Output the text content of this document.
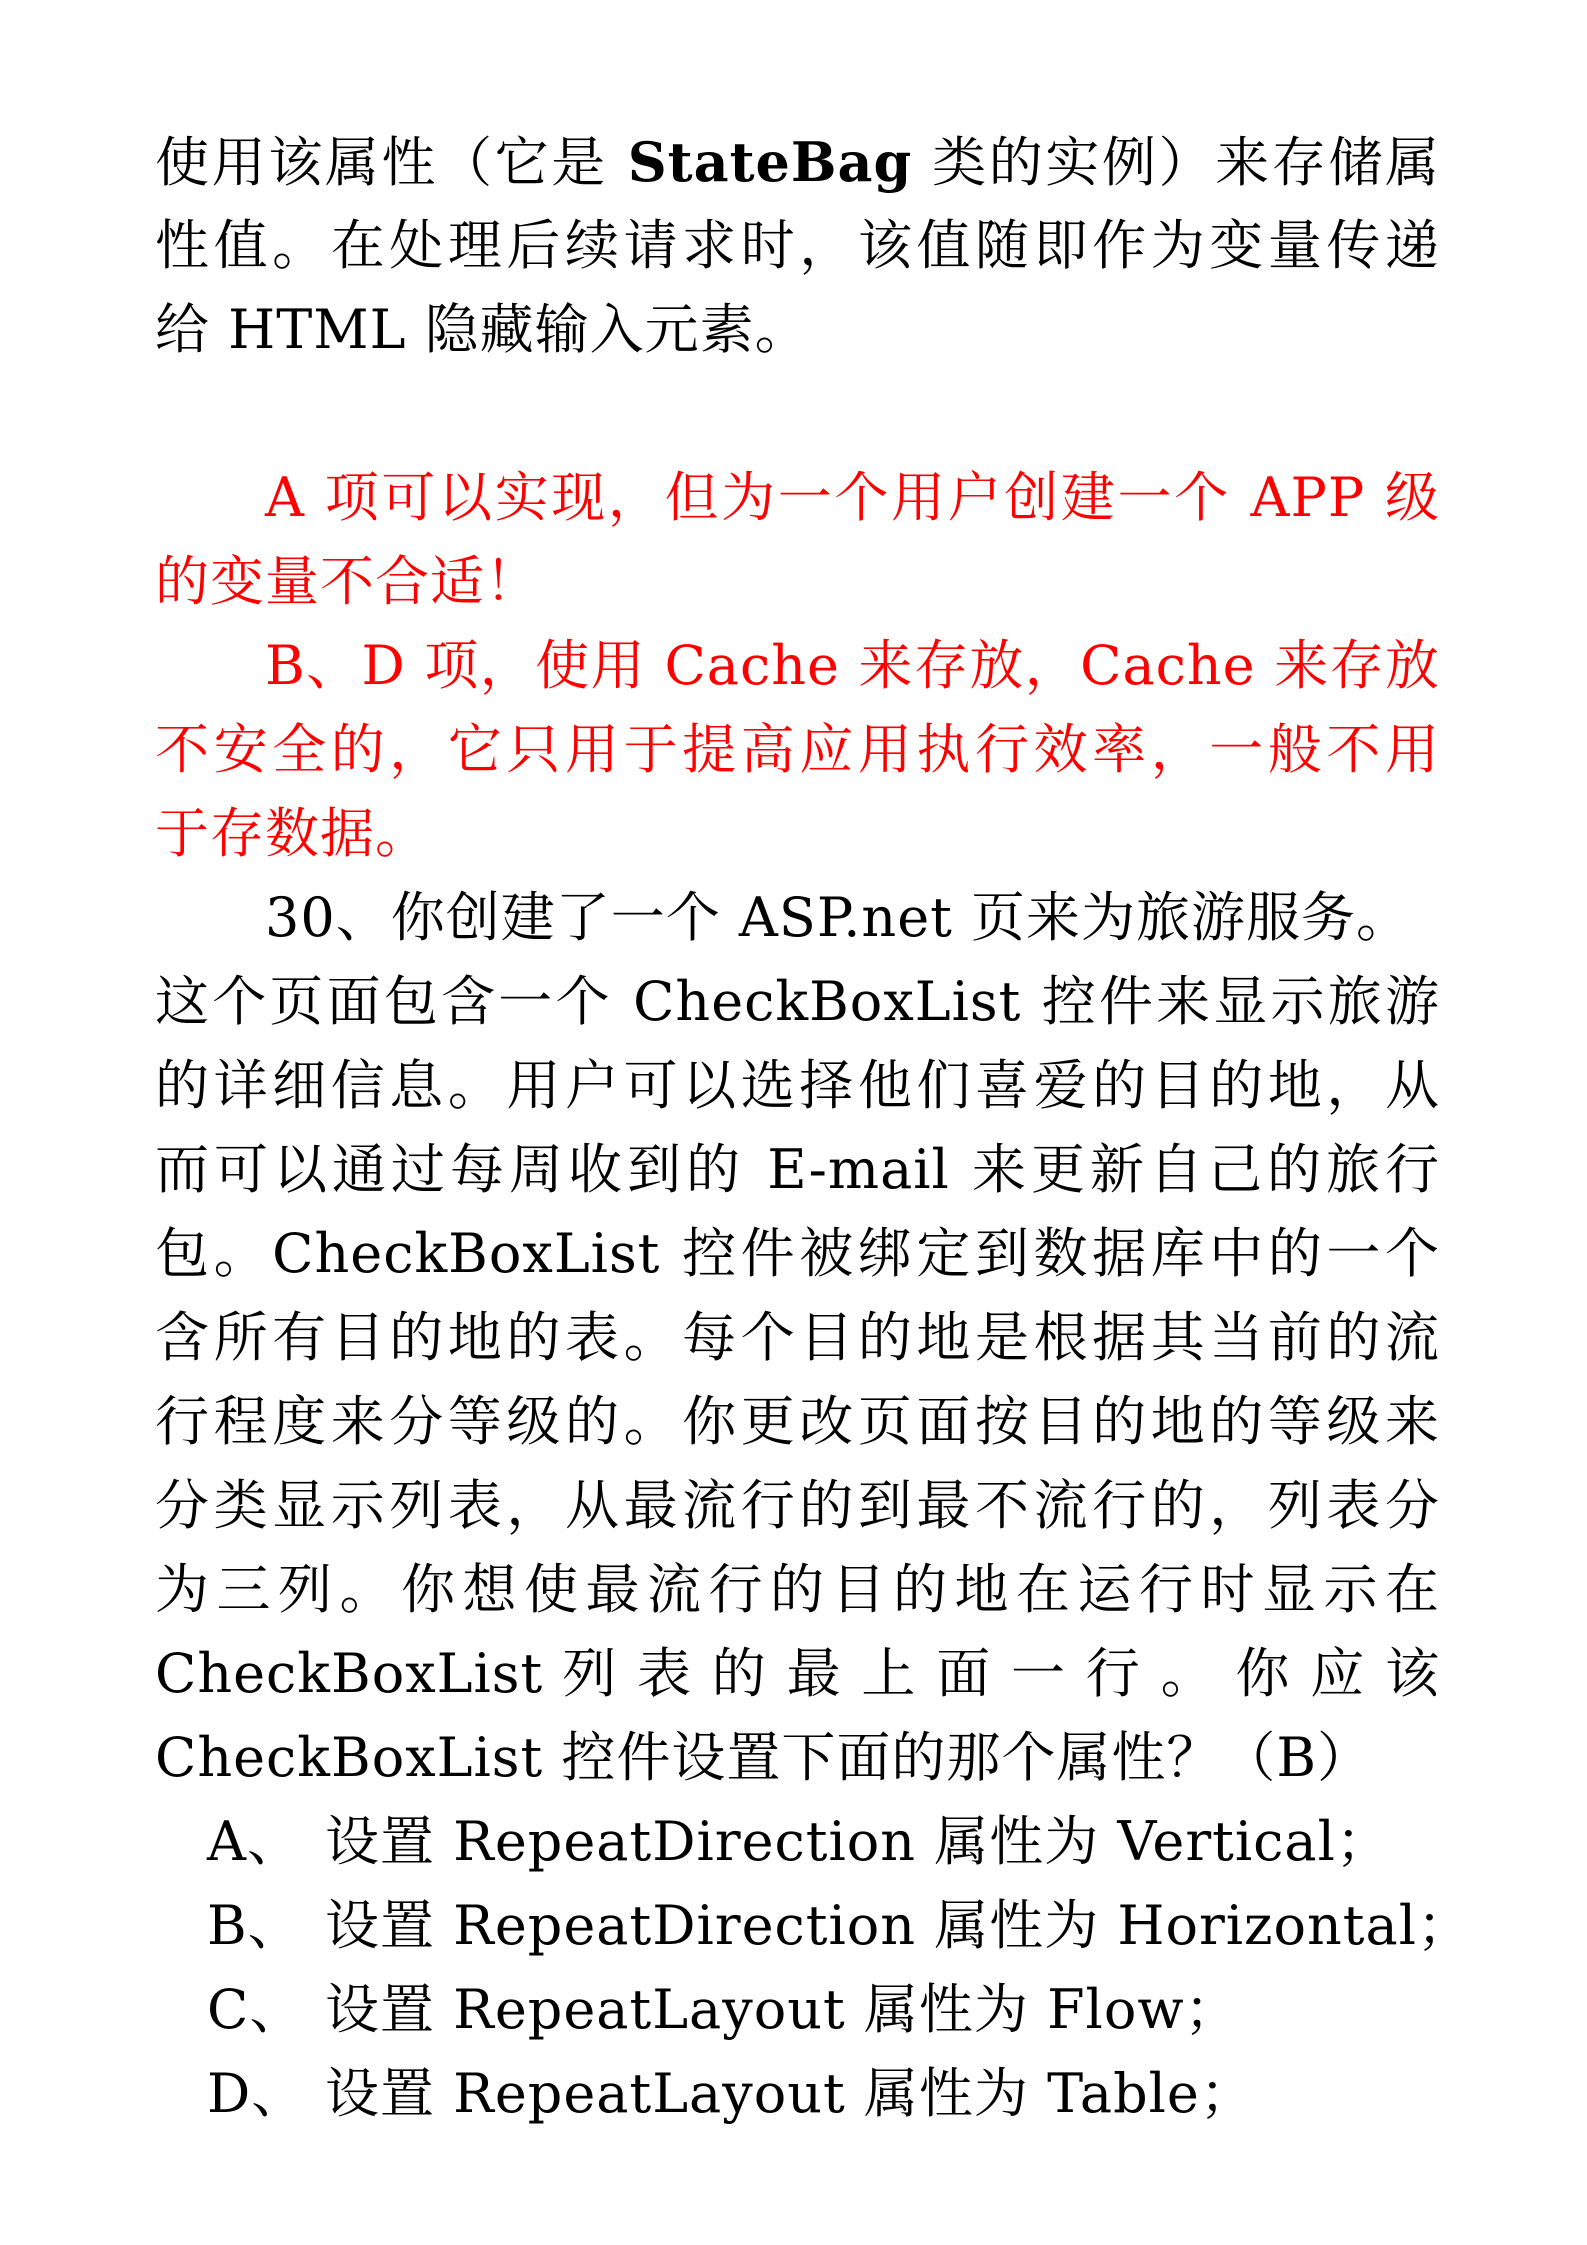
使用该属性（它是 StateBag 类的实例）来存储属
性值。在处理后续请求时，该值随即作为变量传递
给 HTML 隐藏输入元素。
A 项可以实现，但为一个用户创建一个 APP 级
的变量不合适！
B、D 项，使用 Cache 来存放，Cache 来存放
不安全的，它只用于提高应用执行效率，一般不用
于存数据。
30、你创建了一个 ASP.net 页来为旅游服务。
这个页面包含一个 CheckBoxList 控件来显示旅游
的详细信息。用户可以选择他们喜爱的目的地，从
而可以通过每周收到的 E-mail 来更新自己的旅行
包。CheckBoxList 控件被绑定到数据库中的一个
含所有目的地的表。每个目的地是根据其当前的流
行程度来分等级的。你更改页面按目的地的等级来
分类显示列表，从最流行的到最不流行的，列表分
为三列。你想使最流行的目的地在运行时显示在
CheckBoxList 列 表 的 最 上 面 一 行 。 你 应 该
CheckBoxList 控件设置下面的那个属性？（B）
A、 设置 RepeatDirection 属性为 Vertical；
B、 设置 RepeatDirection 属性为 Horizontal；
C、 设置 RepeatLayout 属性为 Flow；
D、 设置 RepeatLayout 属性为 Table；
